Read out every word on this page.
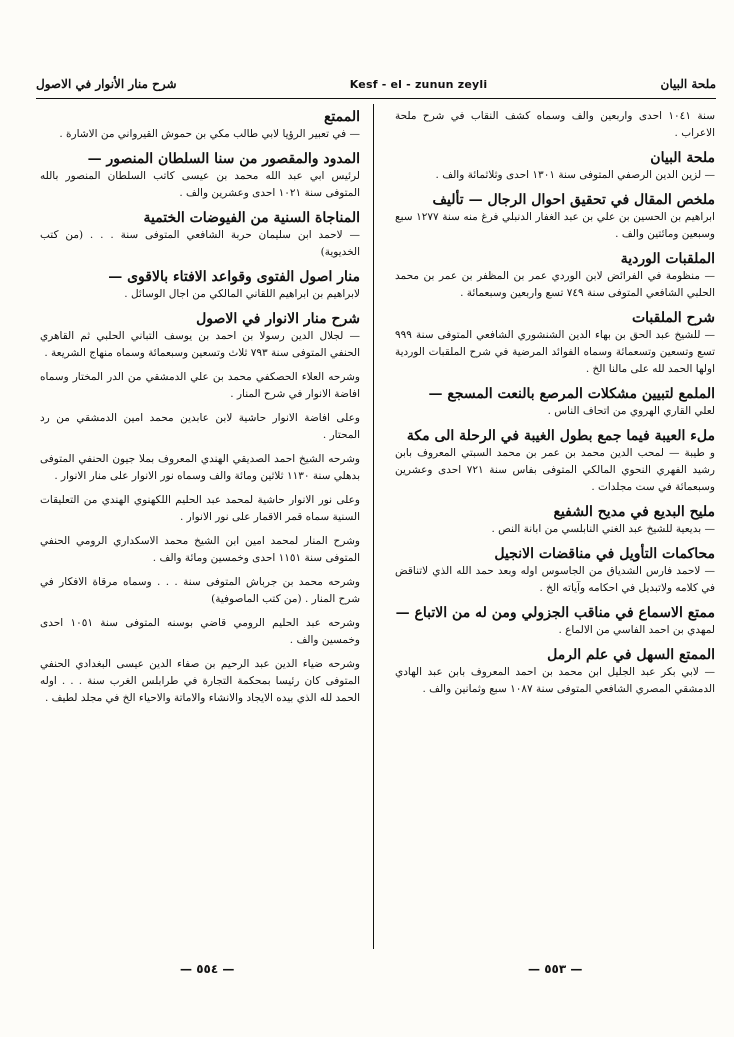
شرح منار الأنوار في الاصول	Kesf - el - zunun zeyli	ملحة البيان
سنة ١٠٤١ احدى واربعين والف وسماه كشف النقاب في شرح ملحة الاعراب .
ملحة البيان
— لزين الدين الرصفي المتوفى سنة ١٣٠١ احدى وثلاثمائة والف .
ملخص المقال في تحقيق احوال الرجال — تأليف
ابراهيم بن الحسين بن علي بن عبد الغفار الدنبلي فرغ منه سنة ١٢٧٧ سبع وسبعين ومائتين والف .
الملقبات الوردية
— منظومة في الفرائض لابن الوردي عمر بن المظفر بن عمر بن محمد الحلبي الشافعي المتوفى سنة ٧٤٩ تسع واربعين وسبعمائة .
شرح الملقبات
— للشيخ عبد الحق بن بهاء الدين الشنشوري الشافعي المتوفى سنة ٩٩٩ تسع وتسعين وتسعمائة وسماه الفوائد المرضية في شرح الملقبات الوردية اولها الحمد لله على مالنا الخ .
الملمع لتبيين مشكلات المرصع بالنعت المسجع —
لعلي القاري الهروي من اتحاف الناس .
ملء العيبة فيما جمع بطول الغيبة في الرحلة الى مكة
و طيبة — لمحب الدين محمد بن عمر بن محمد السبتي المعروف بابن رشيد الفهري النحوي المالكي المتوفى بفاس سنة ٧٢١ احدى وعشرين وسبعمائة في ست مجلدات .
مليح البديع في مديح الشفيع
— بديعية للشيخ عبد الغني النابلسي من ابانة النص .
محاكمات التأويل في مناقضات الانجيل
— لاحمد فارس الشدياق من الجاسوس اوله وبعد حمد الله الذي لاتناقض في كلامه ولاتبديل في احكامه وآياته الخ .
ممتع الاسماع في مناقب الجزولي ومن له من الاتباع —
لمهدي بن احمد الفاسي من الالماع .
الممتع السهل في علم الرمل
— لابي بكر عبد الجليل ابن محمد بن احمد المعروف بابن عبد الهادي الدمشقي المصري الشافعي المتوفى سنة ١٠٨٧ سبع وثمانين والف .
الممتع
— في تعبير الرؤيا لابي طالب مكي بن حموش القيرواني من الاشارة .
المدود والمقصور من سنا السلطان المنصور —
لرئيس ابي عبد الله محمد بن عيسى كاتب السلطان المنصور بالله المتوفى سنة ١٠٢١ احدى وعشرين والف .
المناجاة السنية من الفيوضات الختمية
— لاحمد ابن سليمان حربة الشافعي المتوفى سنة . . . (من كتب الخديوية)
منار اصول الفتوى وقواعد الافتاء بالاقوى —
لابراهيم بن ابراهيم اللقاني المالكي من اجال الوسائل .
شرح منار الانوار في الاصول
— لجلال الدين رسولا بن احمد بن يوسف التباني الحلبي ثم القاهري الحنفي المتوفى سنة ٧٩٣ ثلاث وتسعين وسبعمائة وسماه منهاج الشريعة .
وشرحه العلاء الحصكفي محمد بن علي الدمشقي من الدر المختار وسماه افاضة الانوار في شرح المنار .
وعلى افاضة الانوار حاشية لابن عابدين محمد امين الدمشقي من رد المحتار .
وشرحه الشيخ احمد الصديقي الهندي المعروف بملا جيون الحنفي المتوفى بدهلي سنة ١١٣٠ ثلاثين ومائة والف وسماه نور الانوار على منار الانوار .
وعلى نور الانوار حاشية لمحمد عبد الحليم اللكهنوي الهندي من التعليقات السنية سماه قمر الاقمار على نور الانوار .
وشرح المنار لمحمد امين ابن الشيخ محمد الاسكداري الرومي الحنفي المتوفى سنة ١١٥١ احدى وخمسين ومائة والف .
وشرحه محمد بن جرباش المتوفى سنة . . . وسماه مرقاة الافكار في شرح المنار . (من كتب الماصوفية)
وشرحه عبد الحليم الرومي قاضي بوسنه المتوفى سنة ١٠٥١ احدى وخمسين والف .
وشرحه ضياء الدين عبد الرحيم بن صفاء الدين عيسى البغدادي الحنفي المتوفى كان رئيسا بمحكمة التجارة في طرابلس الغرب سنة . . . اوله الحمد لله الذي بيده الايجاد والانشاء والاماتة والاحياء الخ في مجلد لطيف .
— ٥٥٤ —	— ٥٥٣ —
